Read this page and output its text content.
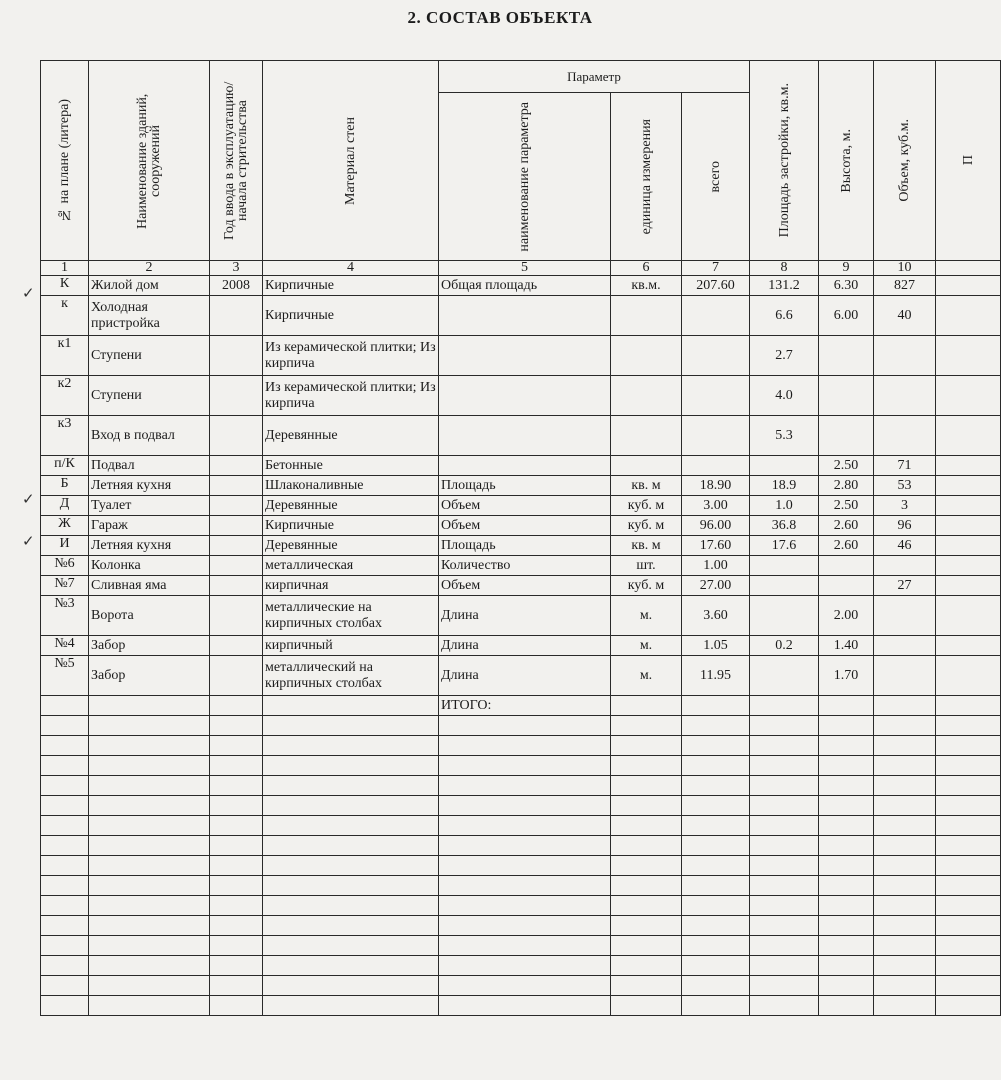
2. СОСТАВ ОБЪЕКТА
✓
✓
✓
№ на плане (литера)	Наименование зданий, сооружений	Год ввода в эксплуатацию/начала стрительства	Материал стен	Параметр			Площадь застройки, кв.м.	Высота, м.	Объем, куб.м.	П

				наименование параметра	единица измерения	всего				

1	2	3	4	5	6	7	8	9	10	
К	Жилой дом	2008	Кирпичные	Общая площадь	кв.м.	207.60	131.2	6.30	827	
к	Холодная пристройка		Кирпичные				6.6	6.00	40	
к1	Ступени		Из керамической плитки; Из кирпича				2.7			
к2	Ступени		Из керамической плитки; Из кирпича				4.0			
к3	Вход в подвал		Деревянные				5.3			
п/К	Подвал		Бетонные					2.50	71	
Б	Летняя кухня		Шлаконаливные	Площадь	кв. м	18.90	18.9	2.80	53	
Д	Туалет		Деревянные	Объем	куб. м	3.00	1.0	2.50	3	
Ж	Гараж		Кирпичные	Объем	куб. м	96.00	36.8	2.60	96	
И	Летняя кухня		Деревянные	Площадь	кв. м	17.60	17.6	2.60	46	
№6	Колонка		металлическая	Количество	шт.	1.00				
№7	Сливная яма		кирпичная	Объем	куб. м	27.00			27	
№3	Ворота		металлические на кирпичных столбах	Длина	м.	3.60		2.00		
№4	Забор		кирпичный	Длина	м.	1.05	0.2	1.40		
№5	Забор		металлический на кирпичных столбах	Длина	м.	11.95		1.70		
				ИТОГО:						
